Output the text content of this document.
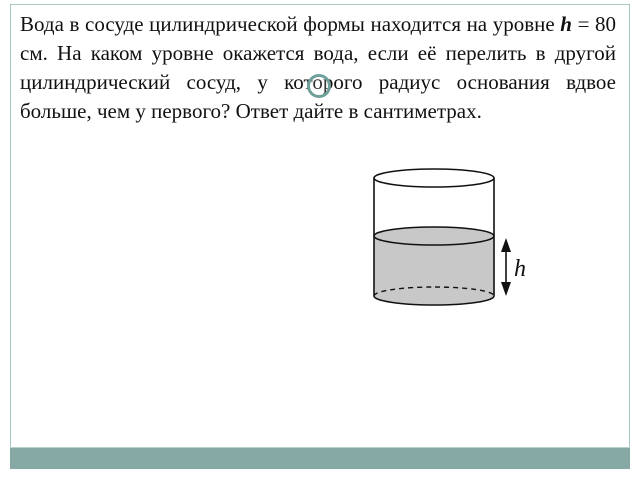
Вода в сосуде цилиндрической формы находится на уровне h = 80 см. На каком уровне окажется вода, если её перелить в другой цилиндрический сосуд, у которого радиус основания вдвое больше, чем у первого? Ответ дайте в сантиметрах.

h
